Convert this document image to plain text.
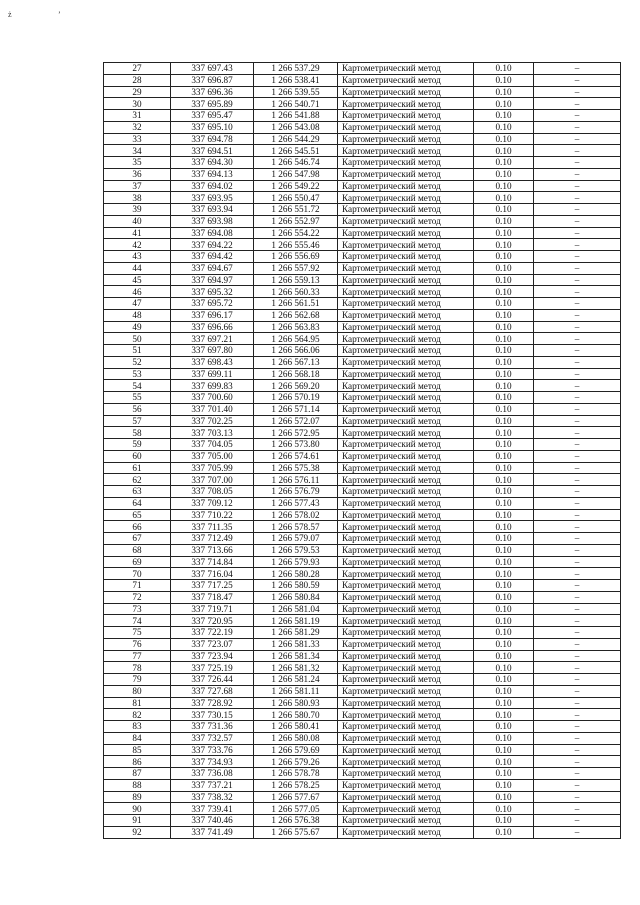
ż	ʼ
27	337 697.43	1 266 537.29	Картометрический метод	0.10	–
28	337 696.87	1 266 538.41	Картометрический метод	0.10	–
29	337 696.36	1 266 539.55	Картометрический метод	0.10	–
30	337 695.89	1 266 540.71	Картометрический метод	0.10	–
31	337 695.47	1 266 541.88	Картометрический метод	0.10	–
32	337 695.10	1 266 543.08	Картометрический метод	0.10	–
33	337 694.78	1 266 544.29	Картометрический метод	0.10	–
34	337 694.51	1 266 545.51	Картометрический метод	0.10	–
35	337 694.30	1 266 546.74	Картометрический метод	0.10	–
36	337 694.13	1 266 547.98	Картометрический метод	0.10	–
37	337 694.02	1 266 549.22	Картометрический метод	0.10	–
38	337 693.95	1 266 550.47	Картометрический метод	0.10	–
39	337 693.94	1 266 551.72	Картометрический метод	0.10	–
40	337 693.98	1 266 552.97	Картометрический метод	0.10	–
41	337 694.08	1 266 554.22	Картометрический метод	0.10	–
42	337 694.22	1 266 555.46	Картометрический метод	0.10	–
43	337 694.42	1 266 556.69	Картометрический метод	0.10	–
44	337 694.67	1 266 557.92	Картометрический метод	0.10	–
45	337 694.97	1 266 559.13	Картометрический метод	0.10	–
46	337 695.32	1 266 560.33	Картометрический метод	0.10	–
47	337 695.72	1 266 561.51	Картометрический метод	0.10	–
48	337 696.17	1 266 562.68	Картометрический метод	0.10	–
49	337 696.66	1 266 563.83	Картометрический метод	0.10	–
50	337 697.21	1 266 564.95	Картометрический метод	0.10	–
51	337 697.80	1 266 566.06	Картометрический метод	0.10	–
52	337 698.43	1 266 567.13	Картометрический метод	0.10	–
53	337 699.11	1 266 568.18	Картометрический метод	0.10	–
54	337 699.83	1 266 569.20	Картометрический метод	0.10	–
55	337 700.60	1 266 570.19	Картометрический метод	0.10	–
56	337 701.40	1 266 571.14	Картометрический метод	0.10	–
57	337 702.25	1 266 572.07	Картометрический метод	0.10	–
58	337 703.13	1 266 572.95	Картометрический метод	0.10	–
59	337 704.05	1 266 573.80	Картометрический метод	0.10	–
60	337 705.00	1 266 574.61	Картометрический метод	0.10	–
61	337 705.99	1 266 575.38	Картометрический метод	0.10	–
62	337 707.00	1 266 576.11	Картометрический метод	0.10	–
63	337 708.05	1 266 576.79	Картометрический метод	0.10	–
64	337 709.12	1 266 577.43	Картометрический метод	0.10	–
65	337 710.22	1 266 578.02	Картометрический метод	0.10	–
66	337 711.35	1 266 578.57	Картометрический метод	0.10	–
67	337 712.49	1 266 579.07	Картометрический метод	0.10	–
68	337 713.66	1 266 579.53	Картометрический метод	0.10	–
69	337 714.84	1 266 579.93	Картометрический метод	0.10	–
70	337 716.04	1 266 580.28	Картометрический метод	0.10	–
71	337 717.25	1 266 580.59	Картометрический метод	0.10	–
72	337 718.47	1 266 580.84	Картометрический метод	0.10	–
73	337 719.71	1 266 581.04	Картометрический метод	0.10	–
74	337 720.95	1 266 581.19	Картометрический метод	0.10	–
75	337 722.19	1 266 581.29	Картометрический метод	0.10	–
76	337 723.07	1 266 581.33	Картометрический метод	0.10	–
77	337 723.94	1 266 581.34	Картометрический метод	0.10	–
78	337 725.19	1 266 581.32	Картометрический метод	0.10	–
79	337 726.44	1 266 581.24	Картометрический метод	0.10	–
80	337 727.68	1 266 581.11	Картометрический метод	0.10	–
81	337 728.92	1 266 580.93	Картометрический метод	0.10	–
82	337 730.15	1 266 580.70	Картометрический метод	0.10	–
83	337 731.36	1 266 580.41	Картометрический метод	0.10	–
84	337 732.57	1 266 580.08	Картометрический метод	0.10	–
85	337 733.76	1 266 579.69	Картометрический метод	0.10	–
86	337 734.93	1 266 579.26	Картометрический метод	0.10	–
87	337 736.08	1 266 578.78	Картометрический метод	0.10	–
88	337 737.21	1 266 578.25	Картометрический метод	0.10	–
89	337 738.32	1 266 577.67	Картометрический метод	0.10	–
90	337 739.41	1 266 577.05	Картометрический метод	0.10	–
91	337 740.46	1 266 576.38	Картометрический метод	0.10	–
92	337 741.49	1 266 575.67	Картометрический метод	0.10	–
